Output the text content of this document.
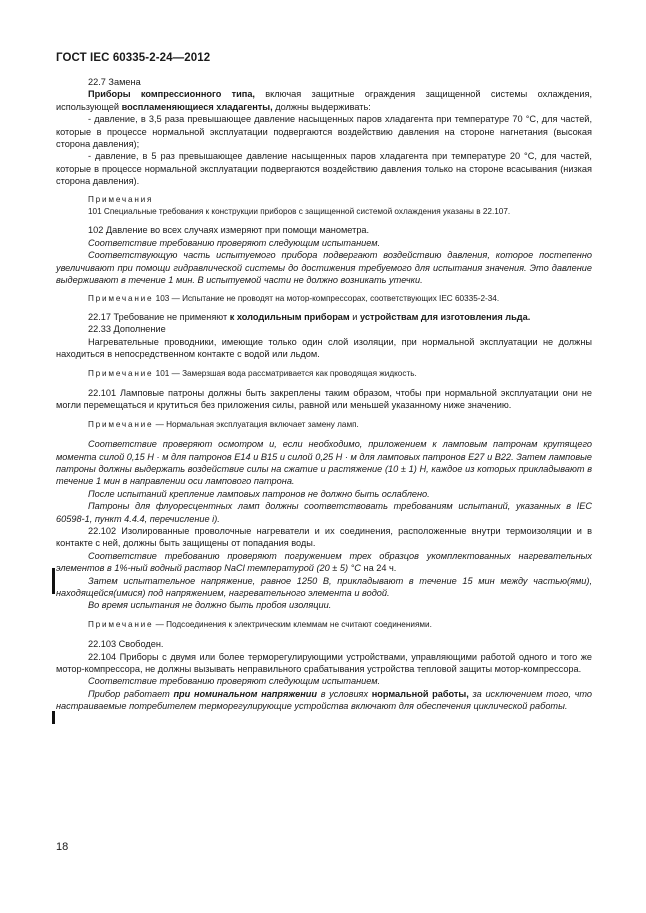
ГОСТ IEC 60335-2-24—2012

22.7 Замена

Приборы компрессионного типа, включая защитные ограждения защищенной системы охлаждения, использующей воспламеняющиеся хладагенты, должны выдерживать:

- давление, в 3,5 раза превышающее давление насыщенных паров хладагента при температуре 70 °С, для частей, которые в процессе нормальной эксплуатации подвергаются воздействию давления на стороне нагнетания (высокая сторона давления);

- давление, в 5 раз превышающее давление насыщенных паров хладагента при температуре 20 °С, для частей, которые в процессе нормальной эксплуатации подвергаются воздействию давления только на стороне всасывания (низкая сторона давления).

Примечания

101 Специальные требования к конструкции приборов с защищенной системой охлаждения указаны в 22.107.

102 Давление во всех случаях измеряют при помощи манометра.

Соответствие требованию проверяют следующим испытанием.

Соответствующую часть испытуемого прибора подвергают воздействию давления, которое постепенно увеличивают при помощи гидравлической системы до достижения требуемого для испытания значения. Это давление выдерживают в течение 1 мин. В испытуемой части не должно возникать утечки.

Примечание 103 — Испытание не проводят на мотор-компрессорах, соответствующих IEC 60335-2-34.

22.17 Требование не применяют к холодильным приборам и устройствам для изготовления льда.

22.33 Дополнение

Нагревательные проводники, имеющие только один слой изоляции, при нормальной эксплуатации не должны находиться в непосредственном контакте с водой или льдом.

Примечание 101 — Замерзшая вода рассматривается как проводящая жидкость.

22.101 Ламповые патроны должны быть закреплены таким образом, чтобы при нормальной эксплуатации они не могли перемещаться и крутиться без приложения силы, равной или меньшей указанному ниже значению.

Примечание — Нормальная эксплуатация включает замену ламп.

Соответствие проверяют осмотром и, если необходимо, приложением к ламповым патронам крутящего момента силой 0,15 Н · м для патронов Е14 и В15 и силой 0,25 Н · м для ламповых патронов Е27 и В22. Затем ламповые патроны должны выдержать воздействие силы на сжатие и растяжение (10 ± 1) Н, каждое из которых прикладывают в течение 1 мин в направлении оси лампового патрона.

После испытаний крепление ламповых патронов не должно быть ослаблено.

Патроны для флуоресцентных ламп должны соответствовать требованиям испытаний, указанных в IEC 60598-1, пункт 4.4.4, перечисление i).

22.102 Изолированные проволочные нагреватели и их соединения, расположенные внутри термоизоляции и в контакте с ней, должны быть защищены от попадания воды.

Соответствие требованию проверяют погружением трех образцов укомплектованных нагревательных элементов в 1%-ный водный раствор NaCl температурой (20 ± 5) °С на 24 ч.

Затем испытательное напряжение, равное 1250 В, прикладывают в течение 15 мин между частью(ями), находящейся(имися) под напряжением, нагревательного элемента и водой.

Во время испытания не должно быть пробоя изоляции.

Примечание — Подсоединения к электрическим клеммам не считают соединениями.

22.103 Свободен.

22.104 Приборы с двумя или более терморегулирующими устройствами, управляющими работой одного и того же мотор-компрессора, не должны вызывать неправильного срабатывания устройства тепловой защиты мотор-компрессора.

Соответствие требованию проверяют следующим испытанием.

Прибор работает при номинальном напряжении в условиях нормальной работы, за исключением того, что настраиваемые потребителем терморегулирующие устройства включают для обеспечения циклической работы.

18
